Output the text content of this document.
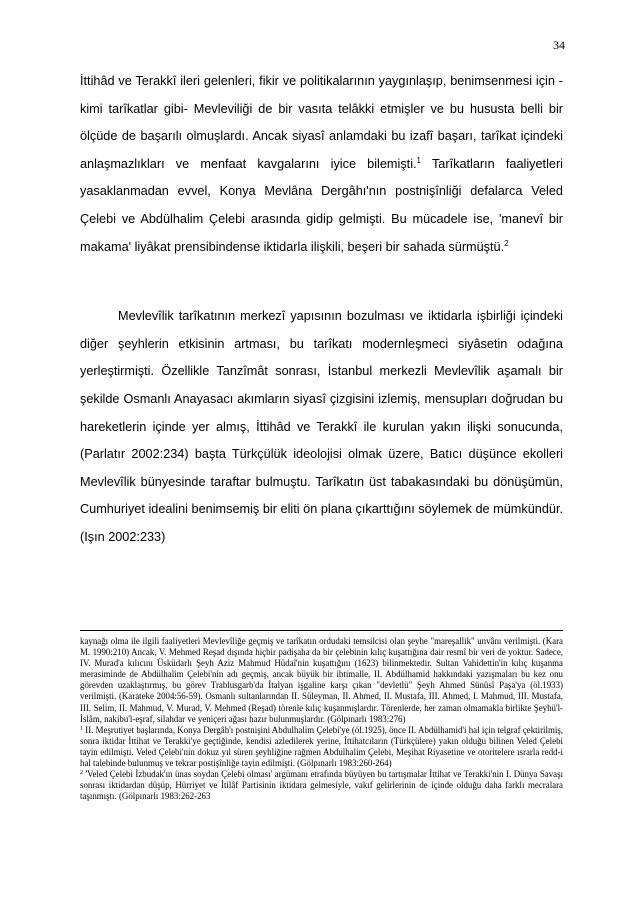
34

İttihâd ve Terakkî ileri gelenleri, fikir ve politikalarının yaygınlaşıp, benimsenmesi için -kimi tarîkatlar gibi- Mevleviliği de bir vasıta telâkki etmişler ve bu hususta belli bir ölçüde de başarılı olmuşlardı. Ancak siyasî anlamdaki bu izafî başarı, tarîkat içindeki anlaşmazlıkları ve menfaat kavgalarını iyice bilemişti.$^1$ Tarîkatların faaliyetleri yasaklanmadan evvel, Konya Mevlâna Dergâhı'nın postnişînliği defalarca Veled Çelebi ve Abdülhalim Çelebi arasında gidip gelmişti. Bu mücadele ise, 'manevî bir makama' liyâkat prensibindense iktidarla ilişkili, beşeri bir sahada sürmüştü.$^2$

Mevlevîlik tarîkatının merkezî yapısının bozulması ve iktidarla işbirliği içindeki diğer şeyhlerin etkisinin artması, bu tarîkatı modernleşmeci siyâsetin odağına yerleştirmişti. Özellikle Tanzîmât sonrası, İstanbul merkezli Mevlevîlik aşamalı bir şekilde Osmanlı Anayasacı akımların siyasî çizgisini izlemiş, mensupları doğrudan bu hareketlerin içinde yer almış, İttihâd ve Terakkî ile kurulan yakın ilişki sonucunda, (Parlatır 2002:234) başta Türkçülük ideolojisi olmak üzere, Batıcı düşünce ekolleri Mevlevîlik bünyesinde taraftar bulmuştu. Tarîkatın üst tabakasındaki bu dönüşümün, Cumhuriyet idealini benimsemiş bir eliti ön plana çıkarttığını söylemek de mümkündür. (Işın 2002:233)

kaynağı olma ile ilgili faaliyetleri Mevlevîliğe geçmiş ve tarîkatın ordudaki temsilcisi olan şeyhe "mareşallik" unvânı verilmişti. (Kara M. 1990:210) Ancak, V. Mehmed Reşad dışında hiçbir padişaha da bir çelebinin kılıç kuşattığına dair resmî bir veri de yoktur. Sadece, IV. Murad'a kılıcını Üsküdarlı Şeyh Aziz Mahmud Hüdaî'nin kuşattığını (1623) bilinmektedir. Sultan Vahidettin'in kılıç kuşanma merasiminde de Abdülhalim Çelebi'nin adı geçmiş, ancak büyük bir ihtimalle, II. Abdülhamid hakkındaki yazışmaları bu kez onu görevden uzaklaştırmış, bu görev Trablusgarb'da İtalyan işgaline karşı çıkan "devletlü" Şeyh Ahmed Sünûsî Paşa'ya (öl.1933) verilmişti. (Karateke 2004:56-59). Osmanlı sultanlarından II. Süleyman, II. Ahmed, II. Mustafa, III. Ahmed, I. Mahmud, III. Mustafa, III. Selim, II. Mahmud, V. Murad, V. Mehmed (Reşad) törenle kılıç kuşanmışlardır. Törenlerde, her zaman olmamakla birlikte Şeyhü'l-İslâm, nakibu'l-eşraf, silahdar ve yeniçeri ağası hazır bulunmuşlardır. (Gölpınarlı 1983:276)

$^1$ II. Meşrutiyet başlarında, Konya Dergâh'ı postnişini Abdulhalim Çelebi'ye (öl.1925), önce II. Abdülhamid'i hal için telgraf çektirilmiş, sonra iktidar İttihat ve Terakki'ye geçtiğinde, kendisi azledilerek yerine, İttihatcıların (Türkçülere) yakın olduğu bilinen Veled Çelebi tayin edilmişti. Veled Çelebi'nin dokuz yıl süren şeyhliğine rağmen Abdulhalim Çelebi, Meşihat Riyasetine ve otoritelere ısrarla redd-i hal talebinde bulunmuş ve tekrar postişînliğe tayin edilmişti. (Gölpınarlı 1983:260-264)

$^2$ 'Veled Çelebi İzbudak'ın ünas soydan Çelebi olması' argümanı etrafında büyüyen bu tartışmalar İttihat ve Terakki'nin I. Dünya Savaşı sonrası iktidardan düşüp, Hürriyet ve İtilâf Partisinin iktidara gelmesiyle, vakıf gelirlerinin de içinde olduğu daha farklı mecralara taşınmıştı. (Gölpınarlı 1983:262-263
